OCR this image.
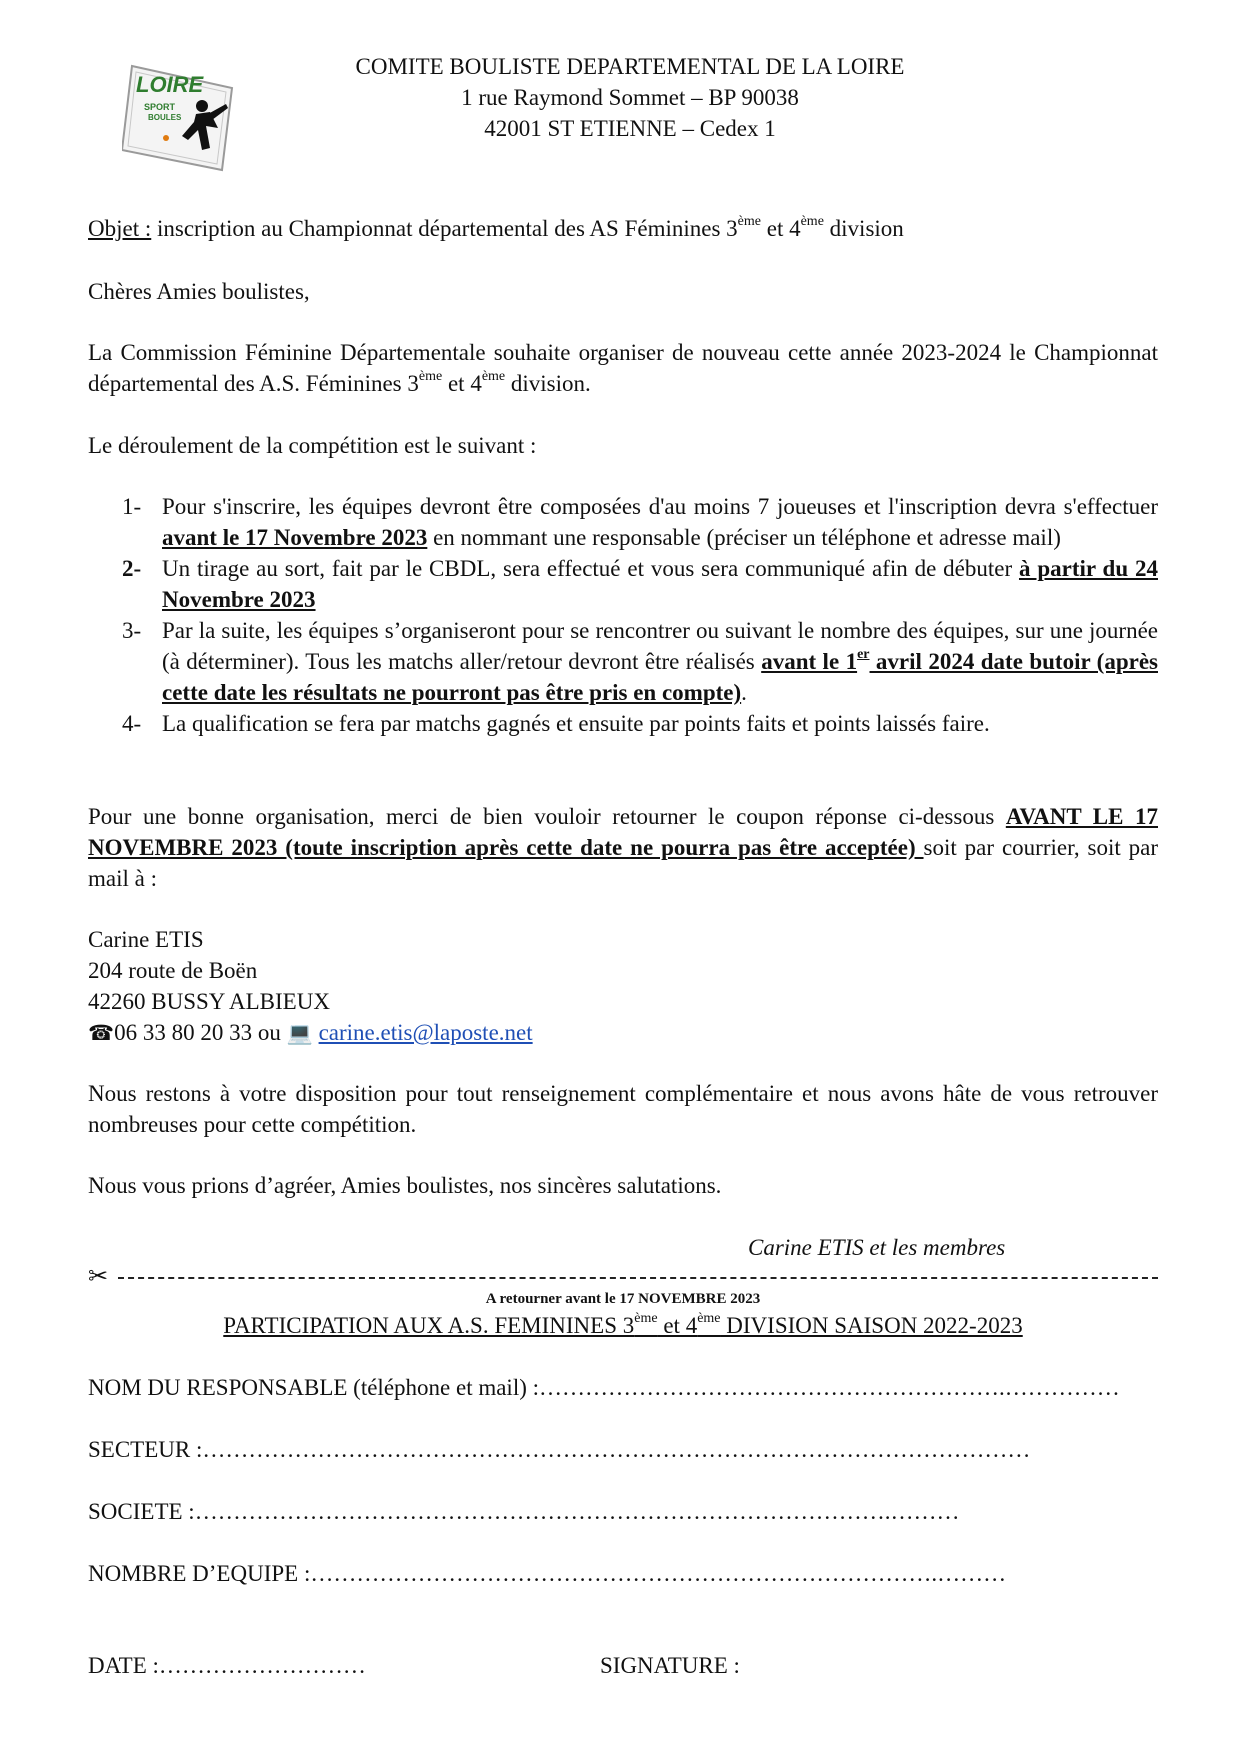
LOIRE
SPORT
BOULES
COMITE BOULISTE DEPARTEMENTAL DE LA LOIRE
1 rue Raymond Sommet – BP 90038
42001 ST ETIENNE – Cedex 1
Objet : inscription au Championnat départemental des AS Féminines 3ème et 4ème division
Chères Amies boulistes,
La Commission Féminine Départementale souhaite organiser de nouveau cette année 2023-2024 le Championnat départemental des A.S. Féminines 3ème et 4ème division.
Le déroulement de la compétition est le suivant :
1- Pour s'inscrire, les équipes devront être composées d'au moins 7 joueuses et l'inscription devra s'effectuer avant le 17 Novembre 2023 en nommant une responsable (préciser un téléphone et adresse mail)
2- Un tirage au sort, fait par le CBDL, sera effectué et vous sera communiqué afin de débuter à partir du 24 Novembre 2023
3- Par la suite, les équipes s’organiseront pour se rencontrer ou suivant le nombre des équipes, sur une journée (à déterminer). Tous les matchs aller/retour devront être réalisés avant le 1er avril 2024 date butoir (après cette date les résultats ne pourront pas être pris en compte).
4- La qualification se fera par matchs gagnés et ensuite par points faits et points laissés faire.
Pour une bonne organisation, merci de bien vouloir retourner le coupon réponse ci-dessous AVANT LE 17 NOVEMBRE 2023 (toute inscription après cette date ne pourra pas être acceptée) soit par courrier, soit par mail à :
Carine ETIS
204 route de Boën
42260 BUSSY ALBIEUX
☎06 33 80 20 33 ou 💻 carine.etis@laposte.net
Nous restons à votre disposition pour tout renseignement complémentaire et nous avons hâte de vous retrouver nombreuses pour cette compétition.
Nous vous prions d’agréer, Amies boulistes, nos sincères salutations.
Carine ETIS et les membres
✂
A retourner avant le 17 NOVEMBRE 2023
PARTICIPATION AUX A.S. FEMININES 3ème et 4ème DIVISION SAISON 2022-2023
NOM DU RESPONSABLE (téléphone et mail) :…………………………………………………….……………
SECTEUR :………………………………………………………………………………………………
SOCIETE :……………………………………………………………………………….………
NOMBRE D’EQUIPE :……………………………………………………………………….………
DATE :………………………	SIGNATURE :
